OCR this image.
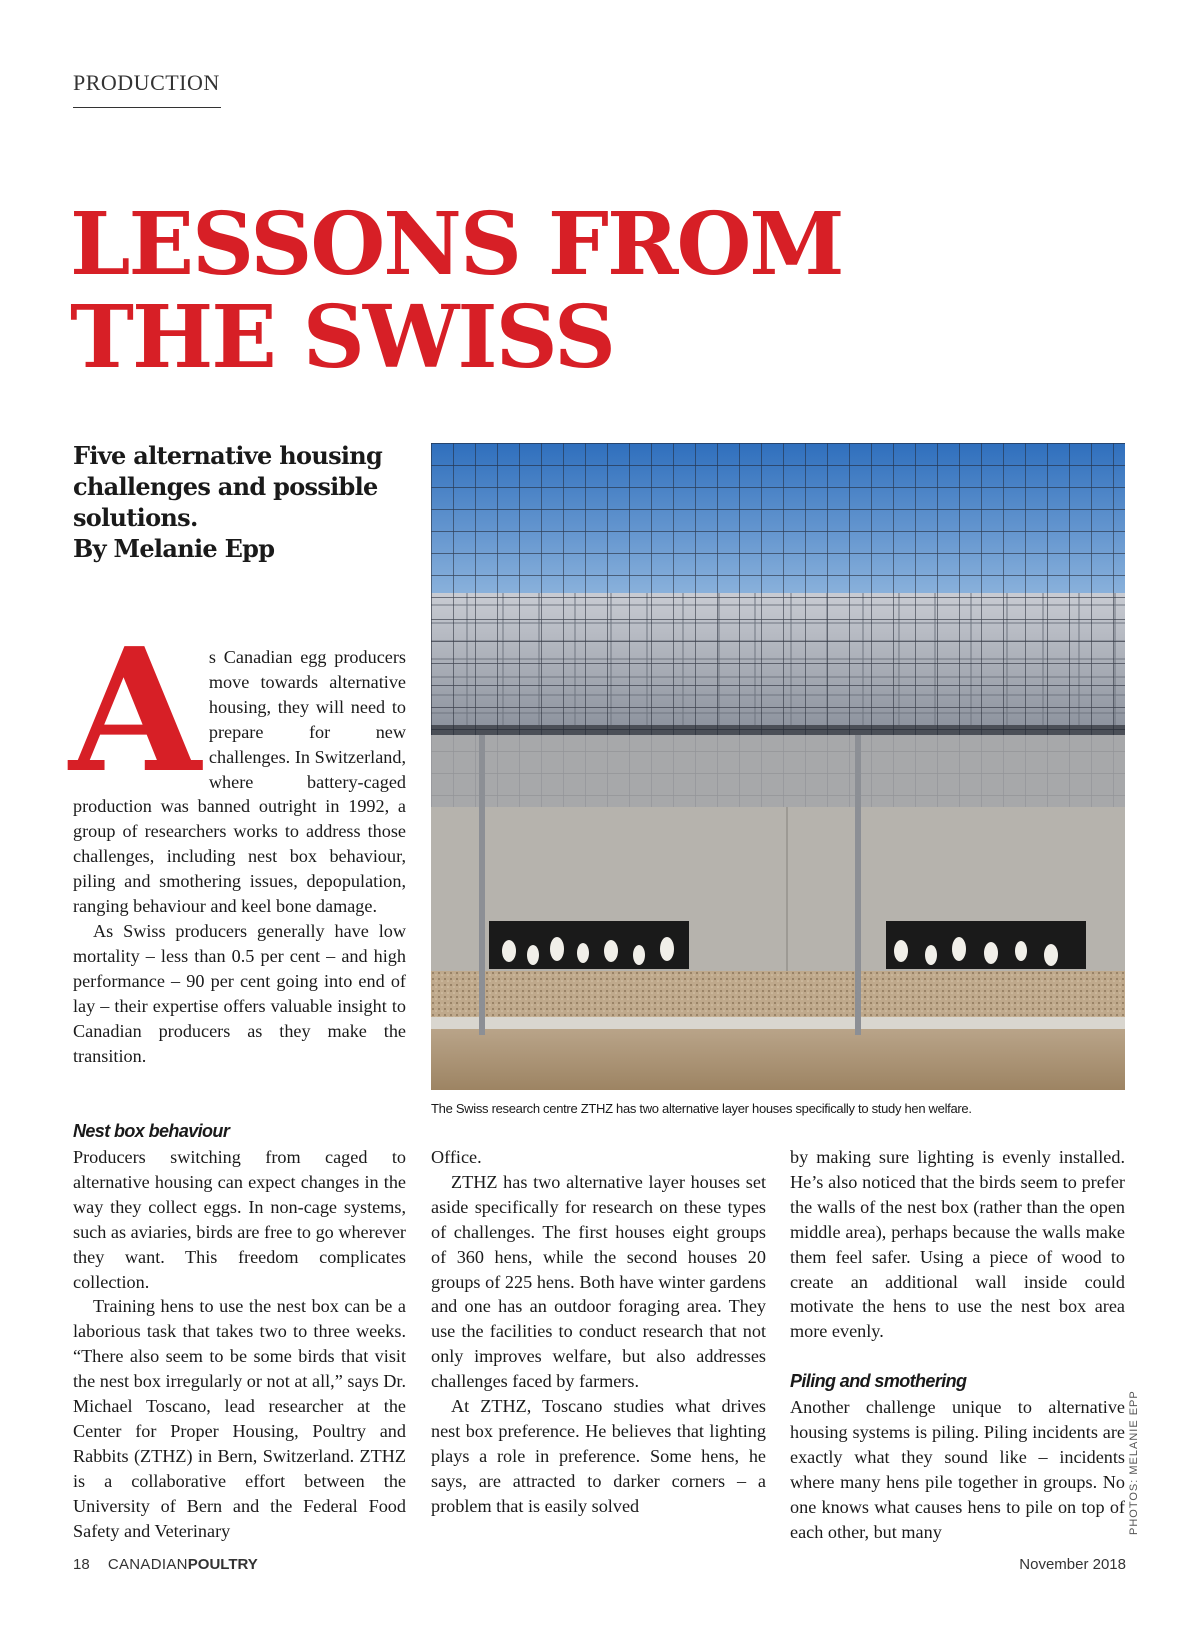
PRODUCTION
LESSONS FROM
THE SWISS

Five alternative housing challenges and possible solutions.

By Melanie Epp
The Swiss research centre ZTHZ has two alternative layer houses specifically to study hen welfare.
PHOTOS: MELANIE EPP
A s Canadian egg producers move towards alternative housing, they will need to prepare for new challenges. In Switzerland, where battery-caged production was banned outright in 1992, a group of researchers works to address those challenges, including nest box behaviour, piling and smothering issues, depopulation, ranging behaviour and keel bone damage.

As Swiss producers generally have low mortality – less than 0.5 per cent – and high performance – 90 per cent going into end of lay – their expertise offers valuable insight to Canadian producers as they make the transition.

Nest box behaviour

Producers switching from caged to alternative housing can expect changes in the way they collect eggs. In non-cage systems, such as aviaries, birds are free to go wherever they want. This freedom complicates collection.

Training hens to use the nest box can be a laborious task that takes two to three weeks. “There also seem to be some birds that visit the nest box irregularly or not at all,” says Dr. Michael Toscano, lead researcher at the Center for Proper Housing, Poultry and Rabbits (ZTHZ) in Bern, Switzerland. ZTHZ is a collaborative effort between the University of Bern and the Federal Food Safety and Veterinary

Office.

ZTHZ has two alternative layer houses set aside specifically for research on these types of challenges. The first houses eight groups of 360 hens, while the second houses 20 groups of 225 hens. Both have winter gardens and one has an outdoor foraging area. They use the facilities to conduct research that not only improves welfare, but also addresses challenges faced by farmers.

At ZTHZ, Toscano studies what drives nest box preference. He believes that lighting plays a role in preference. Some hens, he says, are attracted to darker corners – a problem that is easily solved

by making sure lighting is evenly installed. He’s also noticed that the birds seem to prefer the walls of the nest box (rather than the open middle area), perhaps because the walls make them feel safer. Using a piece of wood to create an additional wall inside could motivate the hens to use the nest box area more evenly.

Piling and smothering

Another challenge unique to alternative housing systems is piling. Piling incidents are exactly what they sound like – incidents where many hens pile together in groups. No one knows what causes hens to pile on top of each other, but many

18 CANADIANPOULTRY	November 2018
